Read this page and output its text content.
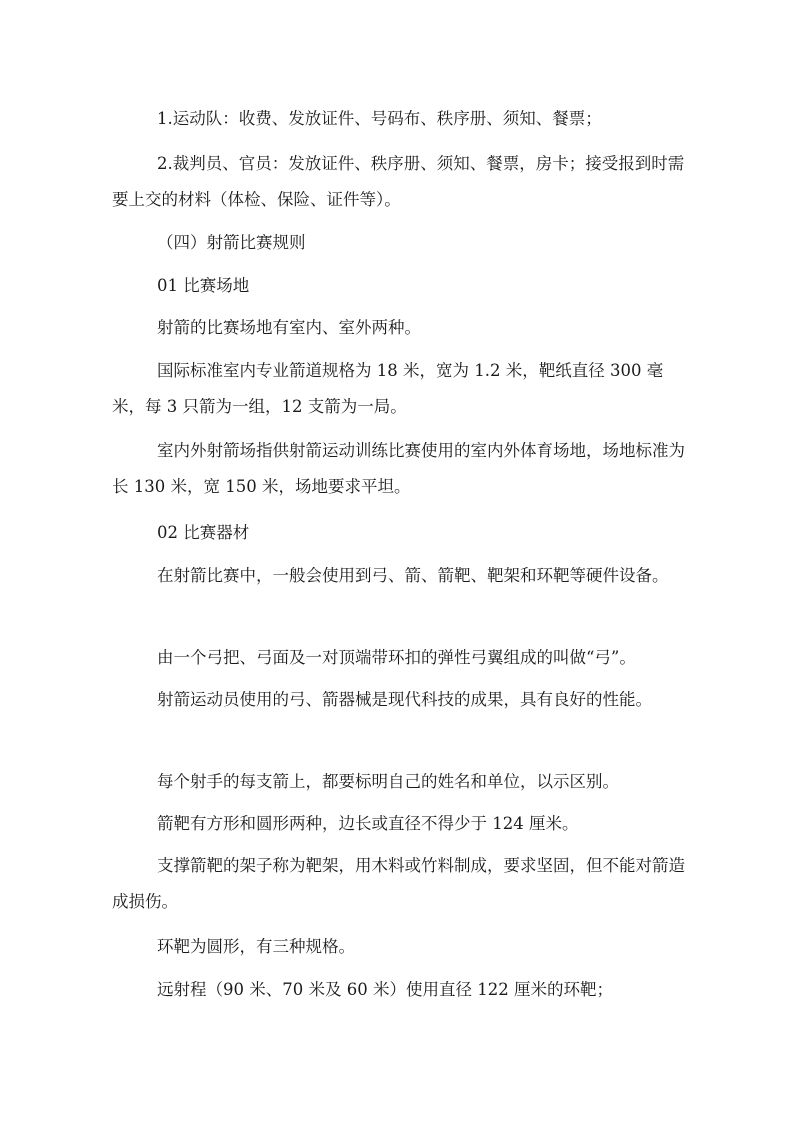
1.运动队：收费、发放证件、号码布、秩序册、须知、餐票；

2.裁判员、官员：发放证件、秩序册、须知、餐票，房卡；接受报到时需要上交的材料（体检、保险、证件等）。

（四）射箭比赛规则

01 比赛场地

射箭的比赛场地有室内、室外两种。

国际标准室内专业箭道规格为 18 米，宽为 1.2 米，靶纸直径 300 毫米，每 3 只箭为一组，12 支箭为一局。

室内外射箭场指供射箭运动训练比赛使用的室内外体育场地，场地标准为长 130 米，宽 150 米，场地要求平坦。

02 比赛器材

在射箭比赛中，一般会使用到弓、箭、箭靶、靶架和环靶等硬件设备。

由一个弓把、弓面及一对顶端带环扣的弹性弓翼组成的叫做“弓”。

射箭运动员使用的弓、箭器械是现代科技的成果，具有良好的性能。

每个射手的每支箭上，都要标明自己的姓名和单位，以示区别。

箭靶有方形和圆形两种，边长或直径不得少于 124 厘米。

支撑箭靶的架子称为靶架，用木料或竹料制成，要求坚固，但不能对箭造成损伤。

环靶为圆形，有三种规格。

远射程（90 米、70 米及 60 米）使用直径 122 厘米的环靶；
